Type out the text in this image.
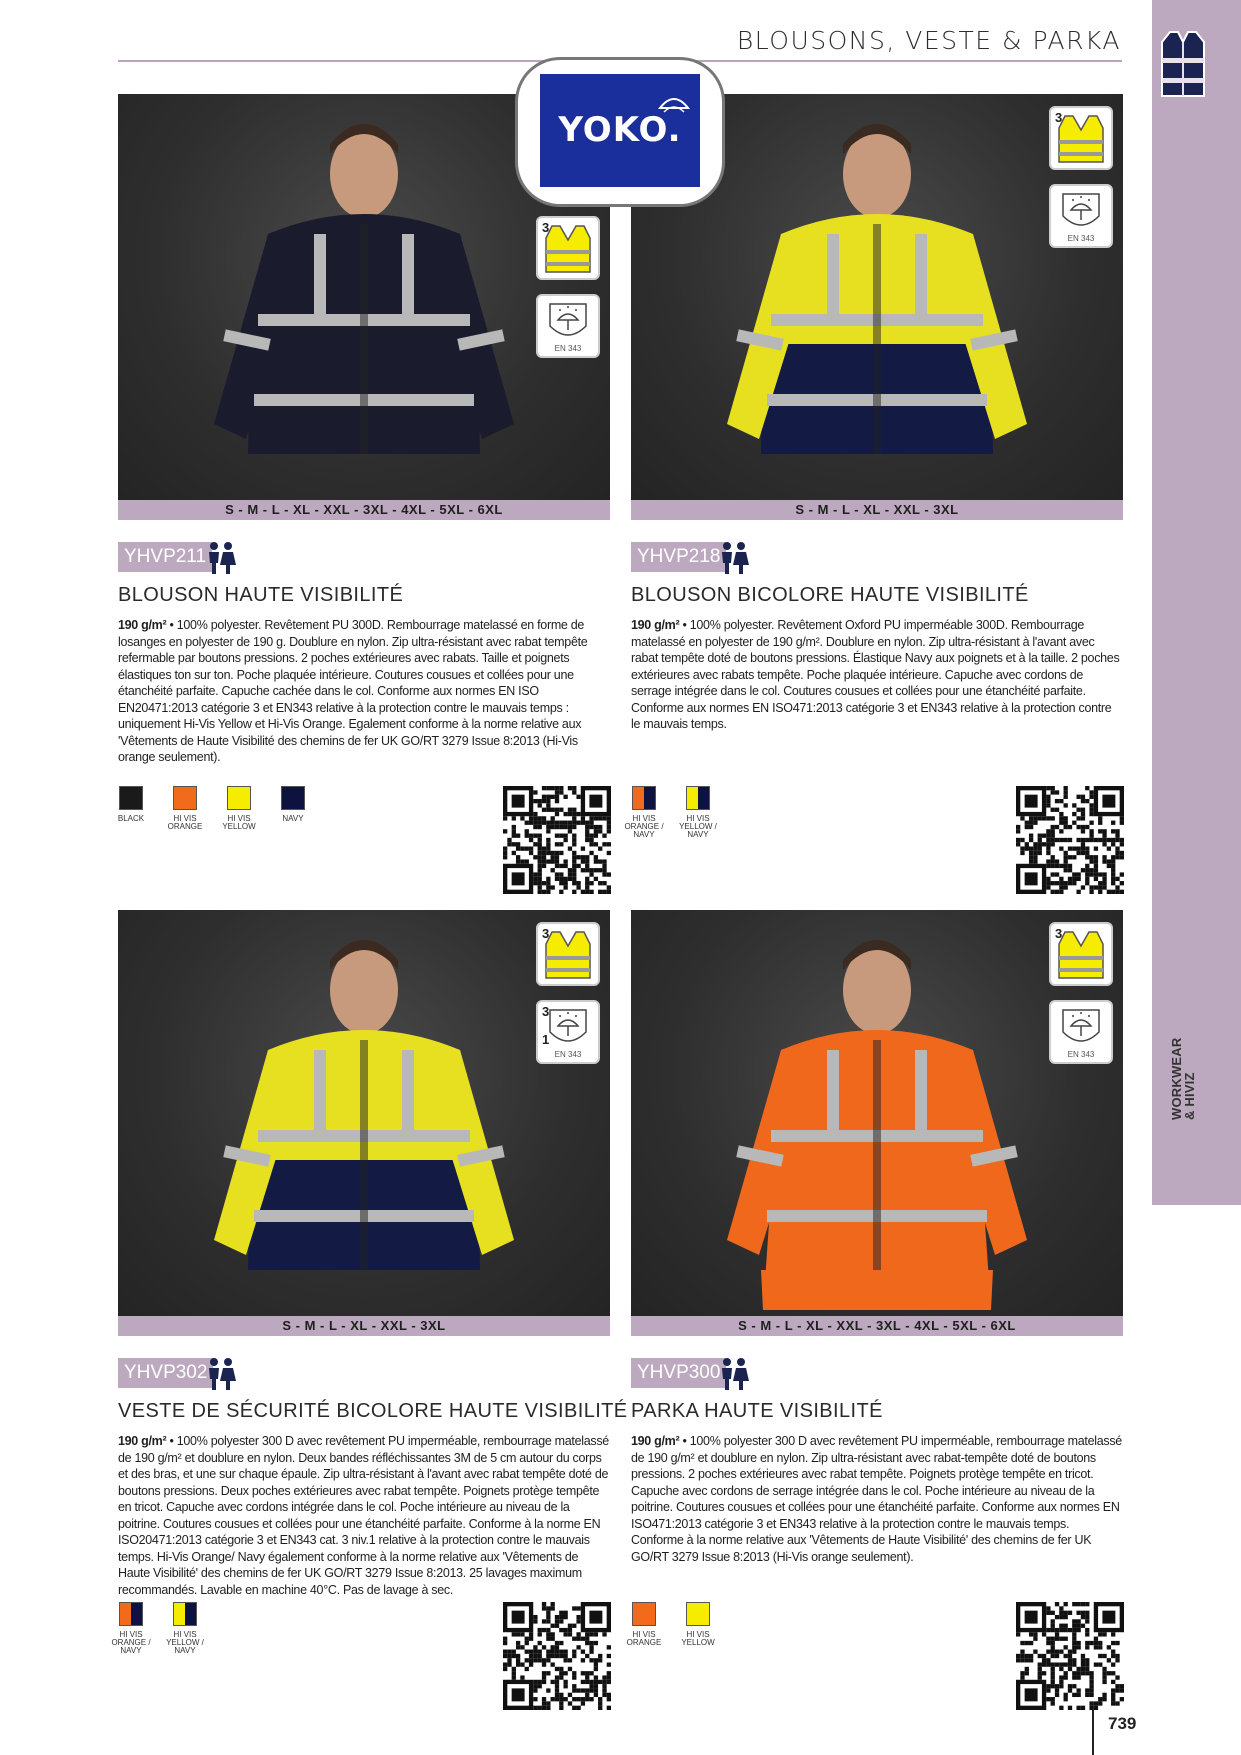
BLOUSONS, VESTE & PARKA
WORKWEAR
& HIVIZ
739
3
EN 343
S - M - L - XL - XXL - 3XL - 4XL - 5XL - 6XL
YHVP211
BLOUSON HAUTE VISIBILITÉ
190 g/m² • 100% polyester. Revêtement PU 300D. Rembourrage matelassé en forme de losanges en polyester de 190 g. Doublure en nylon. Zip ultra-résistant avec rabat tempête refermable par boutons pressions. 2 poches extérieures avec rabats. Taille et poignets élastiques ton sur ton. Poche plaquée intérieure. Coutures cousues et collées pour une étanchéité parfaite. Capuche cachée dans le col. Conforme aux normes EN ISO EN20471:2013 catégorie 3 et EN343 relative à la protection contre le mauvais temps : uniquement Hi-Vis Yellow et Hi-Vis Orange. Egalement conforme à la norme relative aux 'Vêtements de Haute Visibilité des chemins de fer UK GO/RT 3279 Issue 8:2013 (Hi-Vis orange seulement).
BLACK	HI VIS ORANGE
HI VIS YELLOW
NAVY
3
EN 343
S - M - L - XL - XXL - 3XL
YHVP218
BLOUSON BICOLORE HAUTE VISIBILITÉ
190 g/m² • 100% polyester. Revêtement Oxford PU imperméable 300D. Rembourrage matelassé en polyester de 190 g/m². Doublure en nylon. Zip ultra-résistant à l'avant avec rabat tempête doté de boutons pressions. Élastique Navy aux poignets et à la taille. 2 poches extérieures avec rabats tempête. Poche plaquée intérieure. Capuche avec cordons de serrage intégrée dans le col. Coutures cousues et collées pour une étanchéité parfaite. Conforme aux normes EN ISO471:2013 catégorie 3 et EN343 relative à la protection contre le mauvais temps.
HI VIS ORANGE / NAVY
HI VIS YELLOW / NAVY
3
3
1
EN 343
S - M - L - XL - XXL - 3XL
YHVP302
VESTE DE SÉCURITÉ BICOLORE HAUTE VISIBILITÉ
190 g/m² • 100% polyester 300 D avec revêtement PU imperméable, rembourrage matelassé de 190 g/m² et doublure en nylon. Deux bandes réfléchissantes 3M de 5 cm autour du corps et des bras, et une sur chaque épaule. Zip ultra-résistant à l'avant avec rabat tempête doté de boutons pressions. Deux poches extérieures avec rabat tempête. Poignets protège tempête en tricot. Capuche avec cordons intégrée dans le col. Poche intérieure au niveau de la poitrine. Coutures cousues et collées pour une étanchéité parfaite. Conforme à la norme EN ISO20471:2013 catégorie 3 et EN343 cat. 3 niv.1 relative à la protection contre le mauvais temps. Hi-Vis Orange/ Navy également conforme à la norme relative aux 'Vêtements de Haute Visibilité' des chemins de fer UK GO/RT 3279 Issue 8:2013. 25 lavages maximum recommandés. Lavable en machine 40°C. Pas de lavage à sec.
HI VIS ORANGE / NAVY
HI VIS YELLOW / NAVY
3
EN 343
S - M - L - XL - XXL - 3XL - 4XL - 5XL - 6XL
YHVP300
PARKA HAUTE VISIBILITÉ
190 g/m² • 100% polyester 300 D avec revêtement PU imperméable, rembourrage matelassé de 190 g/m² et doublure en nylon. Zip ultra-résistant avec rabat-tempête doté de boutons pressions. 2 poches extérieures avec rabat tempête. Poignets protège tempête en tricot. Capuche avec cordons de serrage intégrée dans le col. Poche intérieure au niveau de la poitrine. Coutures cousues et collées pour une étanchéité parfaite. Conforme aux normes EN ISO471:2013 catégorie 3 et EN343 relative à la protection contre le mauvais temps. Conforme à la norme relative aux 'Vêtements de Haute Visibilité' des chemins de fer UK GO/RT 3279 Issue 8:2013 (Hi-Vis orange seulement).
HI VIS ORANGE
HI VIS YELLOW
YOKO.
